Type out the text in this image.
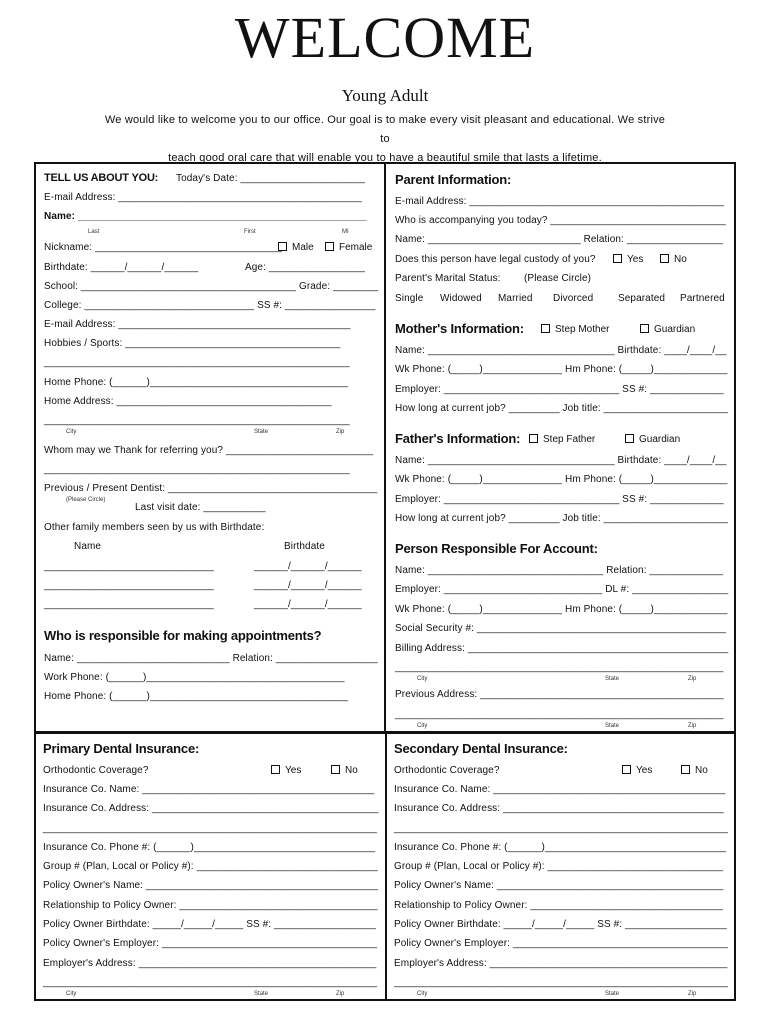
WELCOME
Young Adult
We would like to welcome you to our office. Our goal is to make every visit pleasant and educational. We strive to
teach good oral care that will enable you to have a beautiful smile that lasts a lifetime.
TELL US ABOUT YOU: Today's Date: ______________________
E-mail Address: ___________________________________________
Name: ___________________________________________________
Last	First	MI
Nickname: _________________________________	Male	Female
Birthdate: ______/______/______	Age: _________________
School: ______________________________________ Grade: ________
College: ______________________________ SS #: ________________
E-mail Address: _________________________________________
Hobbies / Sports: ______________________________________
______________________________________________________
Home Phone: (______)___________________________________
Home Address: ______________________________________
______________________________________________________
City	State	Zip
Whom may we Thank for referring you? __________________________
______________________________________________________
Previous / Present Dentist: _____________________________________
(Please Circle)
Last visit date: ___________
Other family members seen by us with Birthdate:
Name	Birthdate
______________________________	______/______/______
______________________________	______/______/______
______________________________	______/______/______
Who is responsible for making appointments?
Name: ___________________________ Relation: __________________
Work Phone: (______)___________________________________
Home Phone: (______)___________________________________
Parent Information:
E-mail Address: _____________________________________________
Who is accompanying you today? _______________________________
Name: ___________________________ Relation: _________________
Does this person have legal custody of you?	Yes	No
Parent's Marital Status: (Please Circle)
Single Widowed Married Divorced Separated Partnered
Mother's Information:	Step Mother	Guardian
Name: _________________________________ Birthdate: ____/____/__
Wk Phone: (_____)______________ Hm Phone: (_____)_____________
Employer: _______________________________ SS #: _____________
How long at current job? _________ Job title: ______________________
Father's Information:	Step Father	Guardian
Name: _________________________________ Birthdate: ____/____/__
Wk Phone: (_____)______________ Hm Phone: (_____)_____________
Employer: _______________________________ SS #: _____________
How long at current job? _________ Job title: ______________________
Person Responsible For Account:
Name: _______________________________ Relation: _____________
Employer: ____________________________ DL #: _________________
Wk Phone: (_____)______________ Hm Phone: (_____)_____________
Social Security #: ____________________________________________
Billing Address: ______________________________________________
__________________________________________________________
City	State	Zip
Previous Address: ___________________________________________
__________________________________________________________
City	State	Zip
Primary Dental Insurance:
Orthodontic Coverage?	Yes	No
Insurance Co. Name: _________________________________________
Insurance Co. Address: ________________________________________
___________________________________________________________
Insurance Co. Phone #: (______)________________________________
Group # (Plan, Local or Policy #): ________________________________
Policy Owner's Name: _________________________________________
Relationship to Policy Owner: ___________________________________
Policy Owner Birthdate: _____/_____/_____ SS #: __________________
Policy Owner's Employer: ______________________________________
Employer's Address: __________________________________________
___________________________________________________________
City	State	Zip
Secondary Dental Insurance:
Orthodontic Coverage?	Yes	No
Insurance Co. Name: _________________________________________
Insurance Co. Address: _______________________________________
___________________________________________________________
Insurance Co. Phone #: (______)________________________________
Group # (Plan, Local or Policy #): _______________________________
Policy Owner's Name: ________________________________________
Relationship to Policy Owner: __________________________________
Policy Owner Birthdate: _____/_____/_____ SS #: __________________
Policy Owner's Employer: ______________________________________
Employer's Address: __________________________________________
___________________________________________________________
City	State	Zip
